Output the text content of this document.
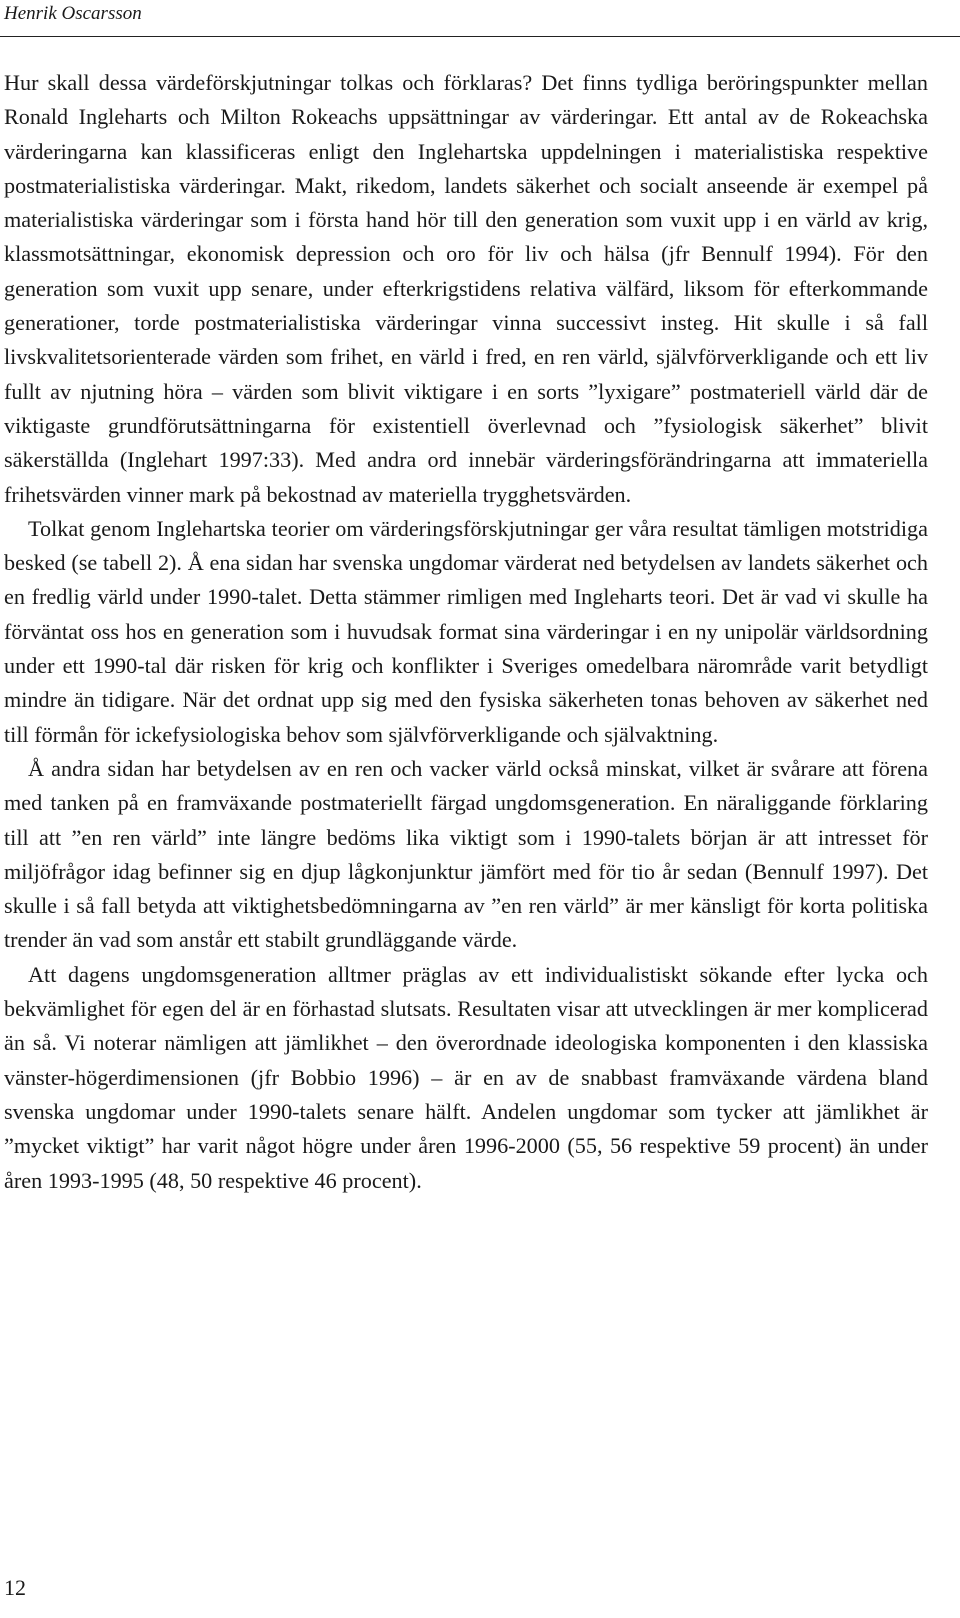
Henrik Oscarsson

Hur skall dessa värdeförskjutningar tolkas och förklaras? Det finns tydliga beröringspunkter mellan Ronald Ingleharts och Milton Rokeachs uppsättningar av värderingar. Ett antal av de Rokeachska värderingarna kan klassificeras enligt den Inglehartska uppdelningen i materialistiska respektive postmaterialistiska värderingar. Makt, rikedom, landets säkerhet och socialt anseende är exempel på materialistiska värderingar som i första hand hör till den generation som vuxit upp i en värld av krig, klassmotsättningar, ekonomisk depression och oro för liv och hälsa (jfr Bennulf 1994). För den generation som vuxit upp senare, under efterkrigstidens relativa välfärd, liksom för efterkommande generationer, torde postmaterialistiska värderingar vinna successivt insteg. Hit skulle i så fall livskvalitetsorienterade värden som frihet, en värld i fred, en ren värld, självförverkligande och ett liv fullt av njutning höra – värden som blivit viktigare i en sorts ”lyxigare” postmateriell värld där de viktigaste grundförutsättningarna för existentiell överlevnad och ”fysiologisk säkerhet” blivit säkerställda (Inglehart 1997:33). Med andra ord innebär värderingsförändringarna att immateriella frihetsvärden vinner mark på bekostnad av materiella trygghetsvärden.

Tolkat genom Inglehartska teorier om värderingsförskjutningar ger våra resultat tämligen motstridiga besked (se tabell 2). Å ena sidan har svenska ungdomar värderat ned betydelsen av landets säkerhet och en fredlig värld under 1990-talet. Detta stämmer rimligen med Ingleharts teori. Det är vad vi skulle ha förväntat oss hos en generation som i huvudsak format sina värderingar i en ny unipolär världsordning under ett 1990-tal där risken för krig och konflikter i Sveriges omedelbara närområde varit betydligt mindre än tidigare. När det ordnat upp sig med den fysiska säkerheten tonas behoven av säkerhet ned till förmån för ickefysiologiska behov som självförverkligande och självaktning.

Å andra sidan har betydelsen av en ren och vacker värld också minskat, vilket är svårare att förena med tanken på en framväxande postmateriellt färgad ungdomsgeneration. En näraliggande förklaring till att ”en ren värld” inte längre bedöms lika viktigt som i 1990-talets början är att intresset för miljöfrågor idag befinner sig en djup lågkonjunktur jämfört med för tio år sedan (Bennulf 1997). Det skulle i så fall betyda att viktighetsbedömningarna av ”en ren värld” är mer känsligt för korta politiska trender än vad som anstår ett stabilt grundläggande värde.

Att dagens ungdomsgeneration alltmer präglas av ett individualistiskt sökande efter lycka och bekvämlighet för egen del är en förhastad slutsats. Resultaten visar att utvecklingen är mer komplicerad än så. Vi noterar nämligen att jämlikhet – den överordnade ideologiska komponenten i den klassiska vänster-högerdimensionen (jfr Bobbio 1996) – är en av de snabbast framväxande värdena bland svenska ungdomar under 1990-talets senare hälft. Andelen ungdomar som tycker att jämlikhet är ”mycket viktigt” har varit något högre under åren 1996-2000 (55, 56 respektive 59 procent) än under åren 1993-1995 (48, 50 respektive 46 procent).

12
